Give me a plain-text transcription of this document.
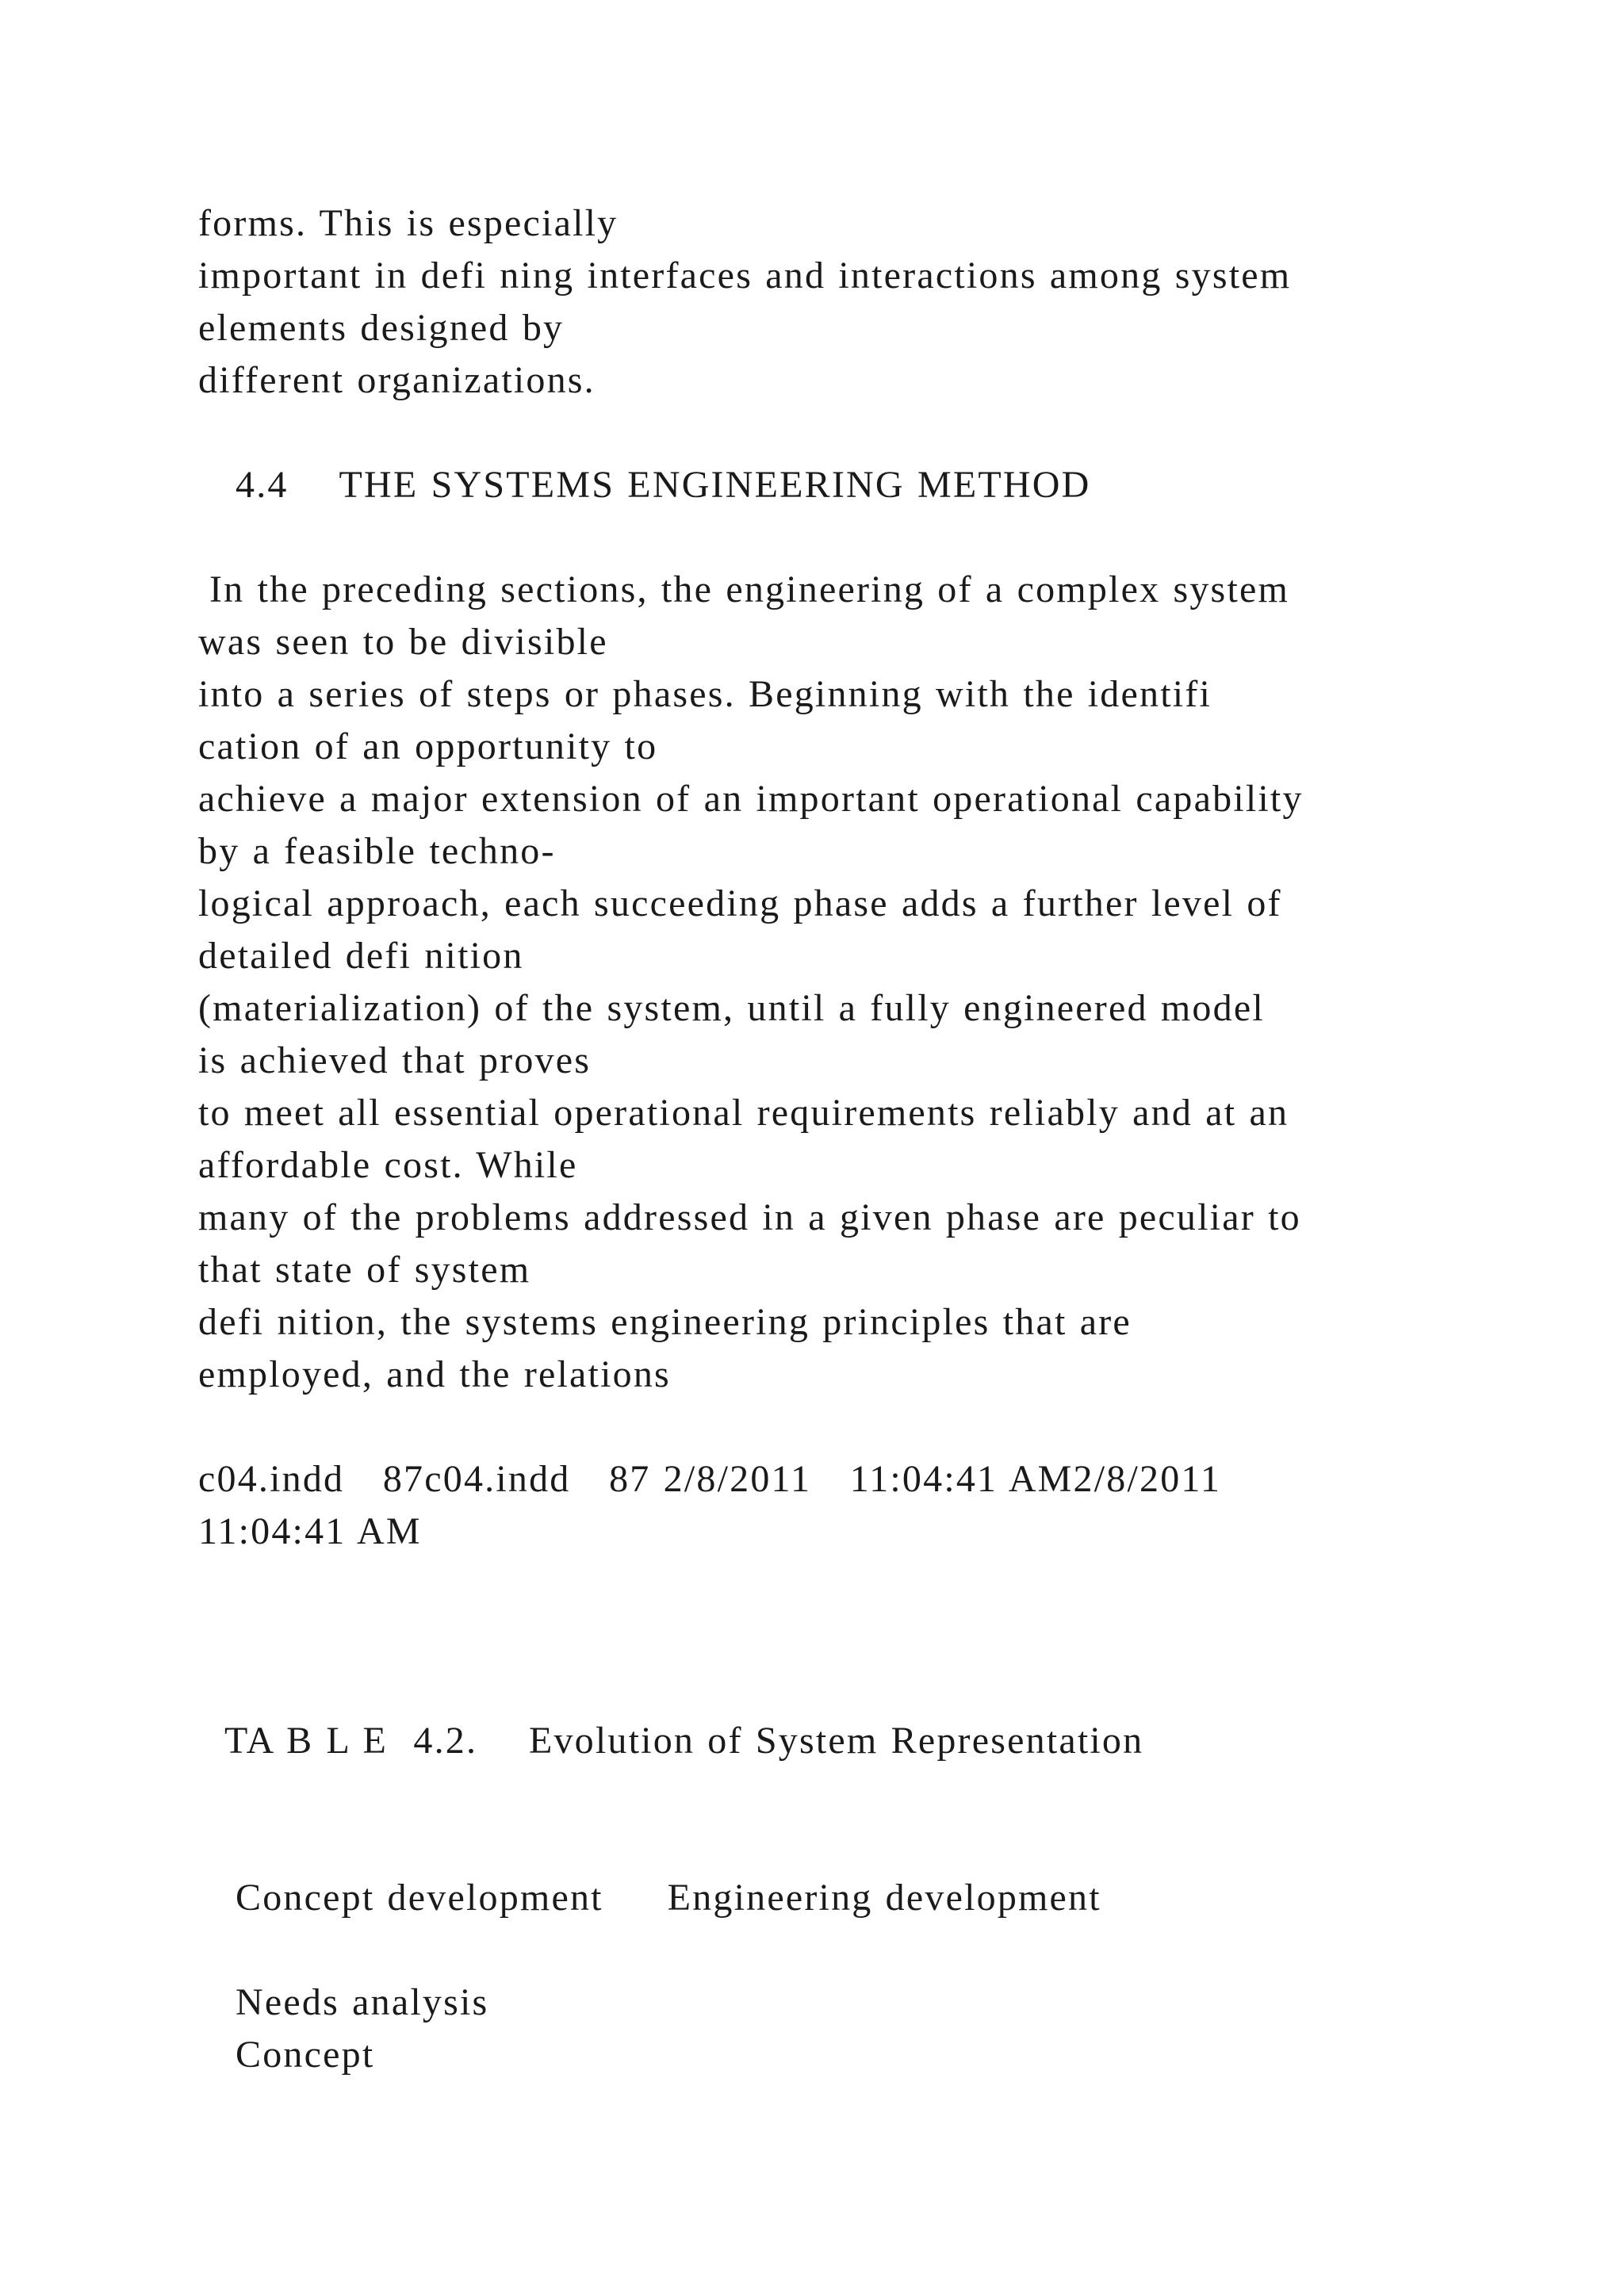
forms. This is especially
important in defi ning interfaces and interactions among system
elements designed by
different organizations.
4.4    THE SYSTEMS ENGINEERING METHOD
In the preceding sections, the engineering of a complex system
was seen to be divisible
into a series of steps or phases. Beginning with the identifi
cation of an opportunity to
achieve a major extension of an important operational capability
by a feasible techno-
logical approach, each succeeding phase adds a further level of
detailed defi nition
(materialization) of the system, until a fully engineered model
is achieved that proves
to meet all essential operational requirements reliably and at an
affordable cost. While
many of the problems addressed in a given phase are peculiar to
that state of system
defi nition, the systems engineering principles that are
employed, and the relations
c04.indd   87c04.indd   87 2/8/2011   11:04:41 AM2/8/2011
11:04:41 AM
TA B L E  4.2.    Evolution of System Representation
Concept development     Engineering development
Needs analysis
Concept
